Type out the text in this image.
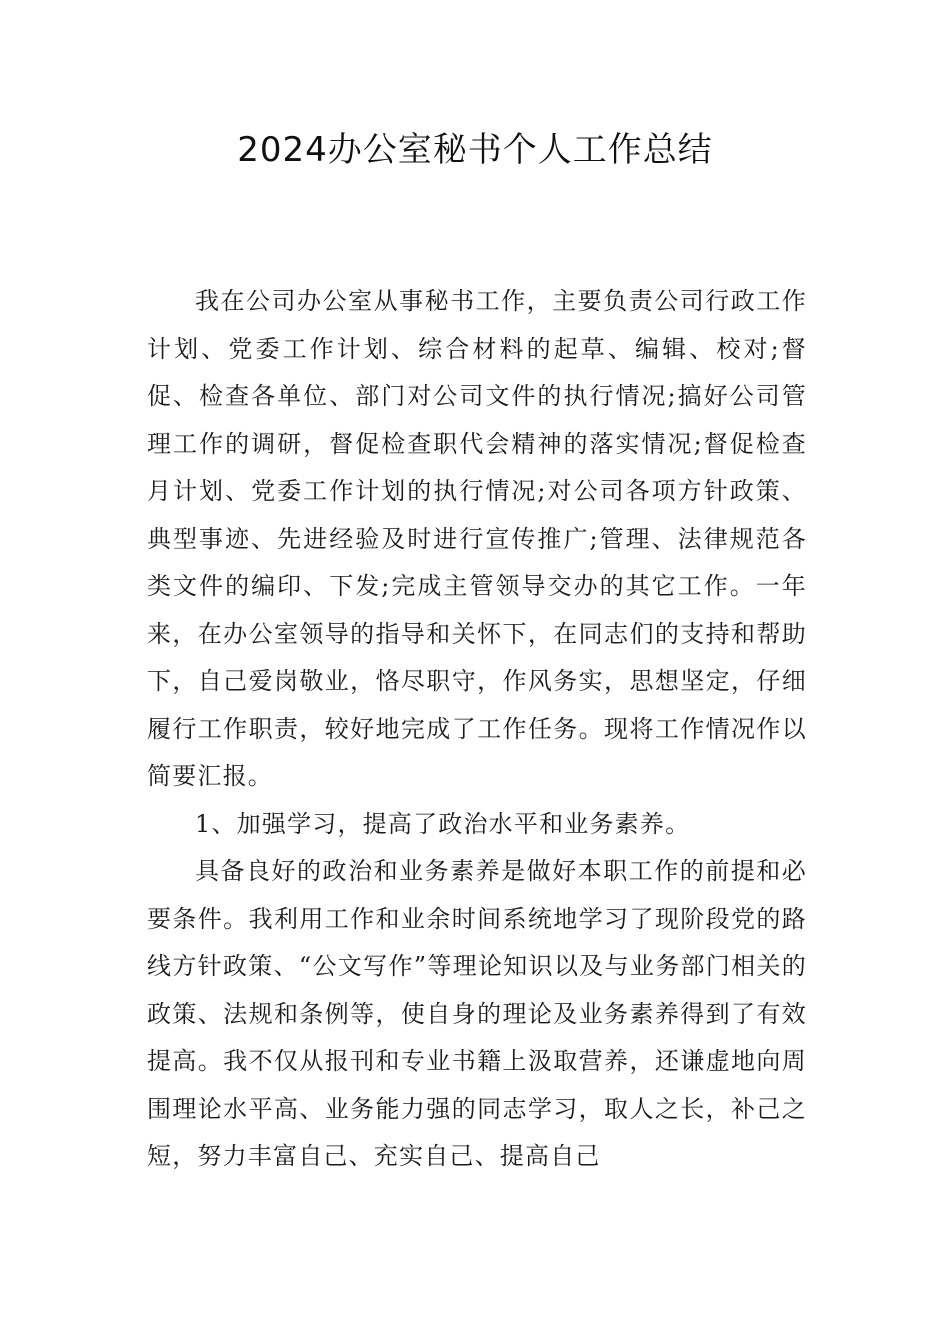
2024办公室秘书个人工作总结

我在公司办公室从事秘书工作，主要负责公司行政工作计划、党委工作计划、综合材料的起草、编辑、校对;督促、检查各单位、部门对公司文件的执行情况;搞好公司管理工作的调研，督促检查职代会精神的落实情况;督促检查月计划、党委工作计划的执行情况;对公司各项方针政策、典型事迹、先进经验及时进行宣传推广;管理、法律规范各类文件的编印、下发;完成主管领导交办的其它工作。一年来，在办公室领导的指导和关怀下，在同志们的支持和帮助下，自己爱岗敬业，恪尽职守，作风务实，思想坚定，仔细履行工作职责，较好地完成了工作任务。现将工作情况作以简要汇报。

1、加强学习，提高了政治水平和业务素养。

具备良好的政治和业务素养是做好本职工作的前提和必要条件。我利用工作和业余时间系统地学习了现阶段党的路线方针政策、“公文写作”等理论知识以及与业务部门相关的政策、法规和条例等，使自身的理论及业务素养得到了有效提高。我不仅从报刊和专业书籍上汲取营养，还谦虚地向周围理论水平高、业务能力强的同志学习，取人之长，补己之短，努力丰富自己、充实自己、提高自己
